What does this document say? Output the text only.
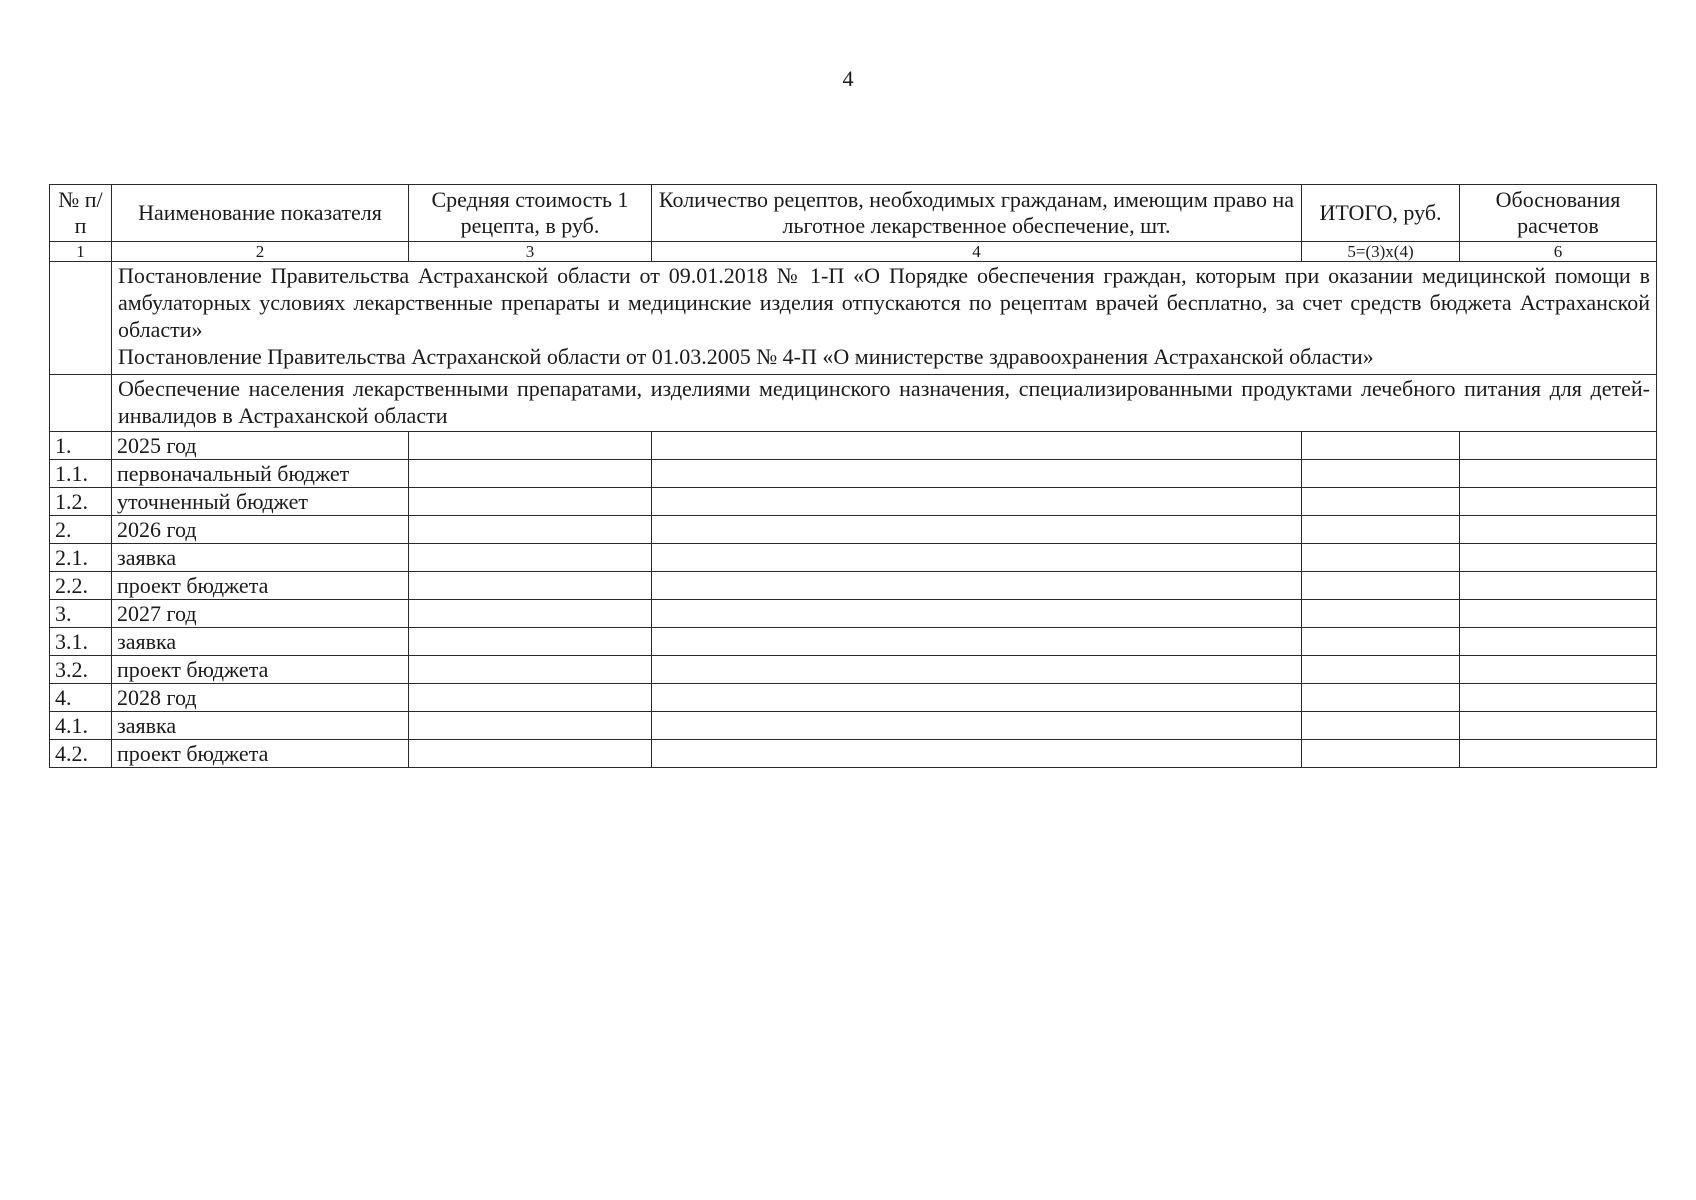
4
№ п/п	Наименование показателя	Средняя стоимость 1 рецепта, в руб.	Количество рецептов, необходимых гражданам, имеющим право на льготное лекарственное обеспечение, шт.	ИТОГО, руб.	Обоснования расчетов
1	2	3	4	5=(3)x(4)	6

	Постановление Правительства Астраханской области от 09.01.2018 № 1-П «О Порядке обеспечения граждан, которым при оказании медицинской помощи в амбулаторных условиях лекарственные препараты и медицинские изделия отпускаются по рецептам врачей бесплатно, за счет средств бюджета Астраханской области»
Постановление Правительства Астраханской области от 01.03.2005 № 4-П «О министерстве здравоохранения Астраханской области»				

	Обеспечение населения лекарственными препаратами, изделиями медицинского назначения, специализированными продуктами лечебного питания для детей-инвалидов в Астраханской области				

1.	2025 год				
1.1.	первоначальный бюджет				
1.2.	уточненный бюджет				
2.	2026 год				
2.1.	заявка				
2.2.	проект бюджета				
3.	2027 год				
3.1.	заявка				
3.2.	проект бюджета				
4.	2028 год				
4.1.	заявка				
4.2.	проект бюджета				
